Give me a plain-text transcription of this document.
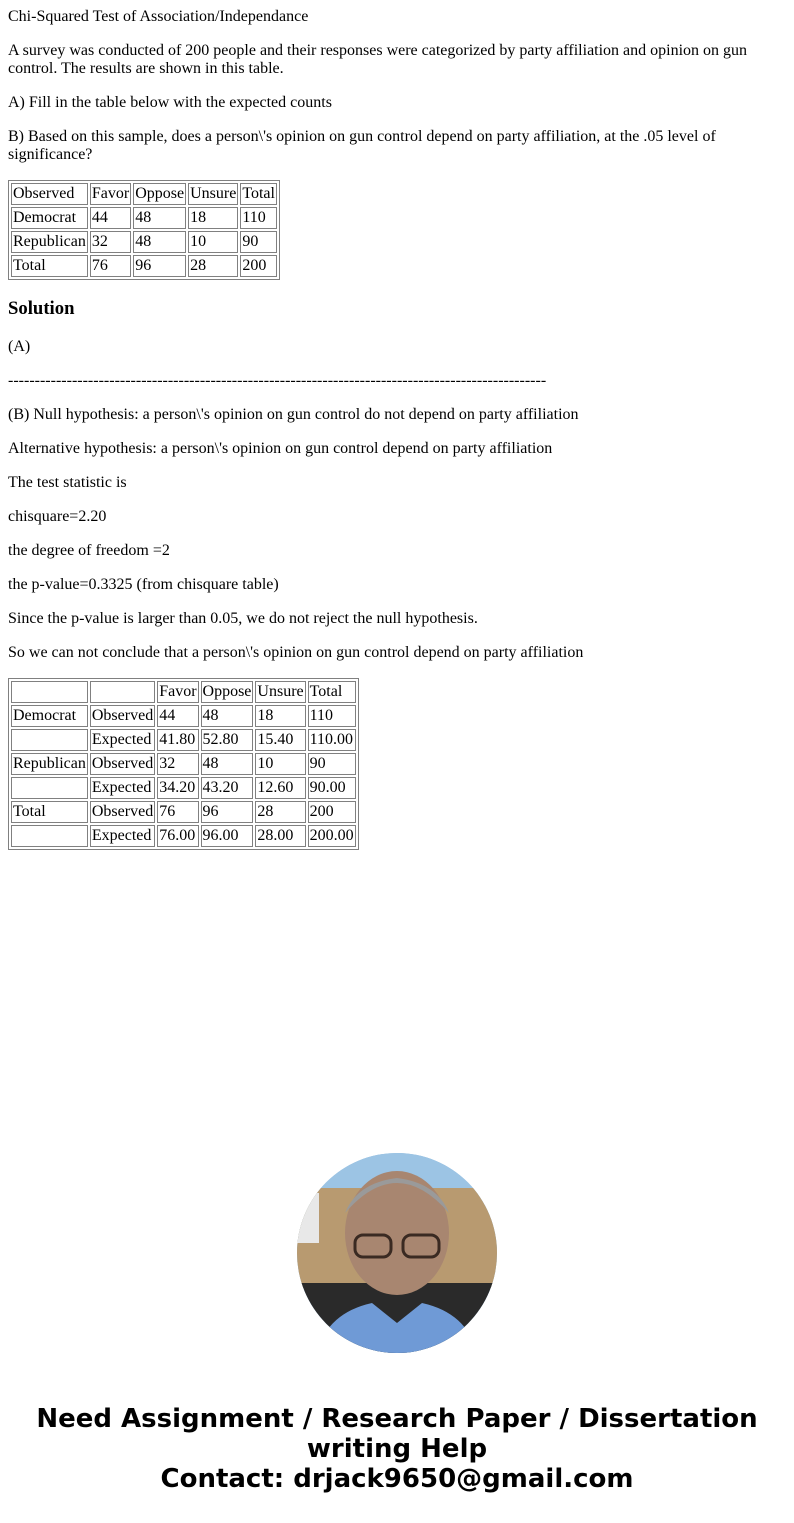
Chi-Squared Test of Association/Independance

A survey was conducted of 200 people and their responses were categorized by party affiliation and opinion on gun control. The results are shown in this table.

A) Fill in the table below with the expected counts

B) Based on this sample, does a person\'s opinion on gun control depend on party affiliation, at the .05 level of significance?

Observed	Favor	Oppose	Unsure	Total
Democrat	44	48	18	110
Republican	32	48	10	90
Total	76	96	28	200
Solution

(A)

-----------------------------------------------------------------------------------------------------

(B) Null hypothesis: a person\'s opinion on gun control do not depend on party affiliation

Alternative hypothesis: a person\'s opinion on gun control depend on party affiliation

The test statistic is

chisquare=2.20

the degree of freedom =2

the p-value=0.3325 (from chisquare table)

Since the p-value is larger than 0.05, we do not reject the null hypothesis.

So we can not conclude that a person\'s opinion on gun control depend on party affiliation

		Favor	Oppose	Unsure	Total
Democrat	Observed	44	48	18	110
	Expected	41.80	52.80	15.40	110.00
Republican	Observed	32	48	10	90
	Expected	34.20	43.20	12.60	90.00
Total	Observed	76	96	28	200
	Expected	76.00	96.00	28.00	200.00
Need Assignment / Research Paper / Dissertation
writing Help
Contact: drjack9650@gmail.com
